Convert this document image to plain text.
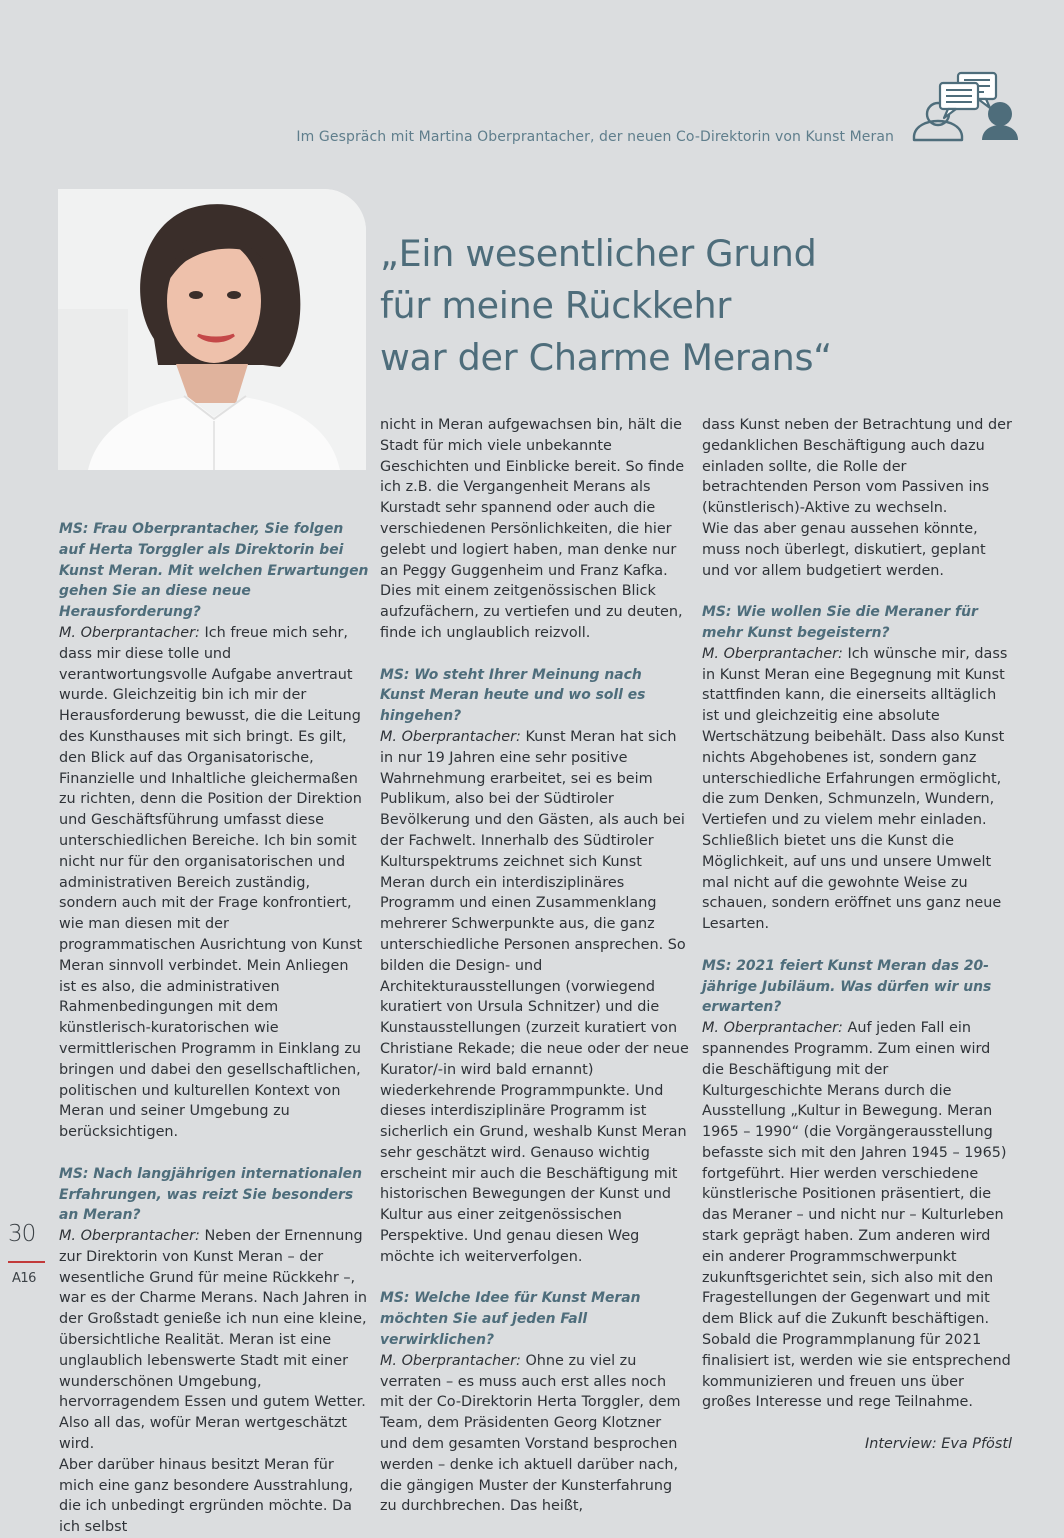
Im Gespräch mit Martina Oberprantacher, der neuen Co-Direktorin von Kunst Meran
„Ein wesentlicher Grund
für meine Rückkehr
war der Charme Merans“

MS: Frau Oberprantacher, Sie folgen auf Herta Torggler als Direktorin bei Kunst Meran. Mit welchen Erwartungen gehen Sie an diese neue Herausforderung?

M. Oberprantacher: Ich freue mich sehr, dass mir diese tolle und verantwortungsvolle Aufgabe anvertraut wurde. Gleichzeitig bin ich mir der Herausforderung bewusst, die die Leitung des Kunsthauses mit sich bringt. Es gilt, den Blick auf das Organisatorische, Finanzielle und Inhaltliche gleichermaßen zu richten, denn die Position der Direktion und Geschäftsführung umfasst diese unterschiedlichen Bereiche. Ich bin somit nicht nur für den organisatorischen und administrativen Bereich zuständig, sondern auch mit der Frage konfrontiert, wie man diesen mit der programmatischen Ausrichtung von Kunst Meran sinnvoll verbindet. Mein Anliegen ist es also, die administrativen Rahmenbedingungen mit dem künstlerisch-kuratorischen wie vermittlerischen Programm in Einklang zu bringen und dabei den gesellschaftlichen, politischen und kulturellen Kontext von Meran und seiner Umgebung zu berücksichtigen.

MS: Nach langjährigen internationalen Erfahrungen, was reizt Sie besonders an Meran?

M. Oberprantacher: Neben der Ernennung zur Direktorin von Kunst Meran – der wesentliche Grund für meine Rückkehr –, war es der Charme Merans. Nach Jahren in der Großstadt genieße ich nun eine kleine, übersichtliche Realität. Meran ist eine unglaublich lebenswerte Stadt mit einer wunderschönen Umgebung, hervorragendem Essen und gutem Wetter. Also all das, wofür Meran wertgeschätzt wird.

Aber darüber hinaus besitzt Meran für mich eine ganz besondere Ausstrahlung, die ich unbedingt ergründen möchte. Da ich selbst

nicht in Meran aufgewachsen bin, hält die Stadt für mich viele unbekannte Geschichten und Einblicke bereit. So finde ich z.B. die Vergangenheit Merans als Kurstadt sehr spannend oder auch die verschiedenen Persönlichkeiten, die hier gelebt und logiert haben, man denke nur an Peggy Guggenheim und Franz Kafka. Dies mit einem zeitgenössischen Blick aufzufächern, zu vertiefen und zu deuten, finde ich unglaublich reizvoll.

MS: Wo steht Ihrer Meinung nach Kunst Meran heute und wo soll es hingehen?

M. Oberprantacher: Kunst Meran hat sich in nur 19 Jahren eine sehr positive Wahrnehmung erarbeitet, sei es beim Publikum, also bei der Südtiroler Bevölkerung und den Gästen, als auch bei der Fachwelt. Innerhalb des Südtiroler Kulturspektrums zeichnet sich Kunst Meran durch ein interdisziplinäres Programm und einen Zusammenklang mehrerer Schwerpunkte aus, die ganz unterschiedliche Personen ansprechen. So bilden die Design- und Architekturausstellungen (vorwiegend kuratiert von Ursula Schnitzer) und die Kunstausstellungen (zurzeit kuratiert von Christiane Rekade; die neue oder der neue Kurator/-in wird bald ernannt) wiederkehrende Programmpunkte. Und dieses interdisziplinäre Programm ist sicherlich ein Grund, weshalb Kunst Meran sehr geschätzt wird. Genauso wichtig erscheint mir auch die Beschäftigung mit historischen Bewegungen der Kunst und Kultur aus einer zeitgenössischen Perspektive. Und genau diesen Weg möchte ich weiterverfolgen.

MS: Welche Idee für Kunst Meran möchten Sie auf jeden Fall verwirklichen?

M. Oberprantacher: Ohne zu viel zu verraten – es muss auch erst alles noch mit der Co-Direktorin Herta Torggler, dem Team, dem Präsidenten Georg Klotzner und dem gesamten Vorstand besprochen werden – denke ich aktuell darüber nach, die gängigen Muster der Kunsterfahrung zu durchbrechen. Das heißt,

dass Kunst neben der Betrachtung und der gedanklichen Beschäftigung auch dazu einladen sollte, die Rolle der betrachtenden Person vom Passiven ins (künstlerisch)-Aktive zu wechseln.

Wie das aber genau aussehen könnte, muss noch überlegt, diskutiert, geplant und vor allem budgetiert werden.

MS: Wie wollen Sie die Meraner für mehr Kunst begeistern?

M. Oberprantacher: Ich wünsche mir, dass in Kunst Meran eine Begegnung mit Kunst stattfinden kann, die einerseits alltäglich ist und gleichzeitig eine absolute Wertschätzung beibehält. Dass also Kunst nichts Abgehobenes ist, sondern ganz unterschiedliche Erfahrungen ermöglicht, die zum Denken, Schmunzeln, Wundern, Vertiefen und zu vielem mehr einladen. Schließlich bietet uns die Kunst die Möglichkeit, auf uns und unsere Umwelt mal nicht auf die gewohnte Weise zu schauen, sondern eröffnet uns ganz neue Lesarten.

MS: 2021 feiert Kunst Meran das 20-jährige Jubiläum. Was dürfen wir uns erwarten?

M. Oberprantacher: Auf jeden Fall ein spannendes Programm. Zum einen wird die Beschäftigung mit der Kulturgeschichte Merans durch die Ausstellung „Kultur in Bewegung. Meran 1965 – 1990“ (die Vorgängerausstellung befasste sich mit den Jahren 1945 – 1965) fortgeführt. Hier werden verschiedene künstlerische Positionen präsentiert, die das Meraner – und nicht nur – Kulturleben stark geprägt haben. Zum anderen wird ein anderer Programmschwerpunkt zukunftsgerichtet sein, sich also mit den Fragestellungen der Gegenwart und mit dem Blick auf die Zukunft beschäftigen.

Sobald die Programmplanung für 2021 finalisiert ist, werden wie sie entsprechend kommunizieren und freuen uns über großes Interesse und rege Teilnahme.

Interview: Eva Pföstl

30
A16
